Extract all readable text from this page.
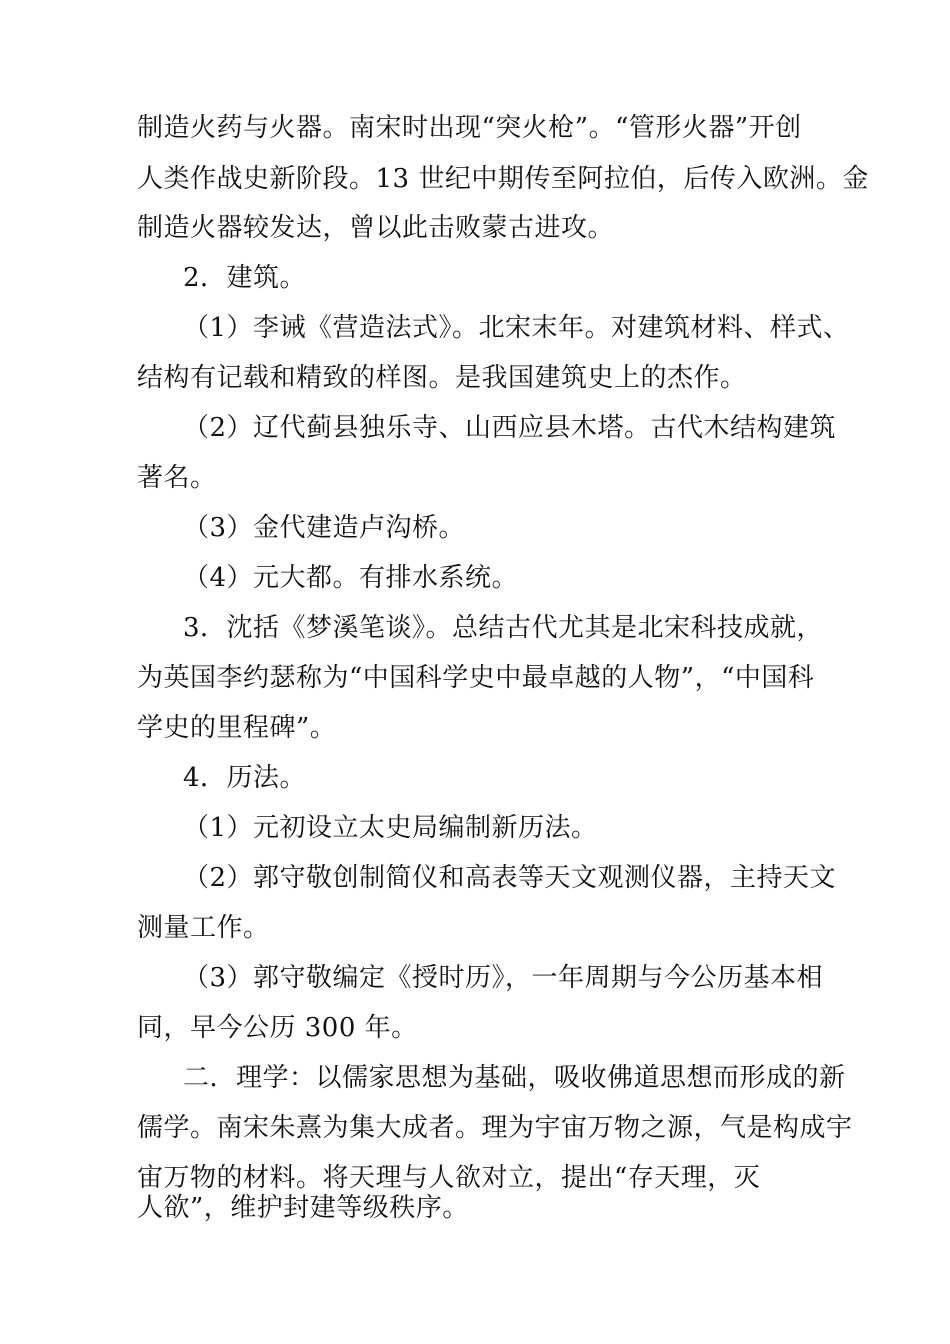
制造火药与火器。南宋时出现“突火枪”。“管形火器”开创
人类作战史新阶段。13 世纪中期传至阿拉伯，后传入欧洲。金
制造火器较发达，曾以此击败蒙古进攻。
2．建筑。
（1）李诫《营造法式》。北宋末年。对建筑材料、样式、
结构有记载和精致的样图。是我国建筑史上的杰作。
（2）辽代蓟县独乐寺、山西应县木塔。古代木结构建筑
著名。
（3）金代建造卢沟桥。
（4）元大都。有排水系统。
3．沈括《梦溪笔谈》。总结古代尤其是北宋科技成就，
为英国李约瑟称为“中国科学史中最卓越的人物”，“中国科
学史的里程碑”。
4．历法。
（1）元初设立太史局编制新历法。
（2）郭守敬创制简仪和高表等天文观测仪器，主持天文
测量工作。
（3）郭守敬编定《授时历》，一年周期与今公历基本相
同，早今公历 300 年。
二．理学：以儒家思想为基础，吸收佛道思想而形成的新
儒学。南宋朱熹为集大成者。理为宇宙万物之源，气是构成宇
宙万物的材料。将天理与人欲对立，提出“存天理，灭
人欲”，维护封建等级秩序。
